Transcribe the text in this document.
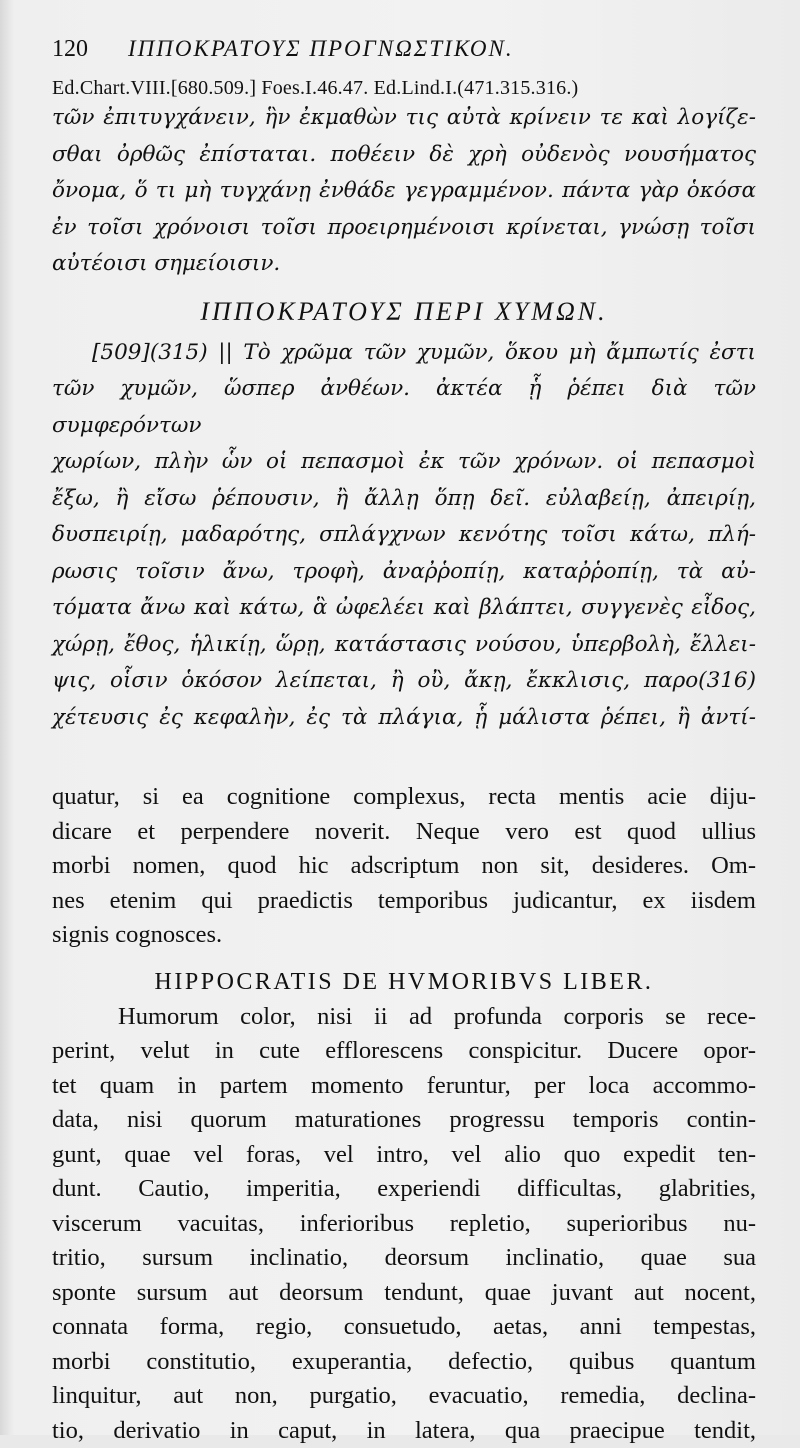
120 ΙΠΠΟΚΡΑΤΟΥΣ ΠΡΟΓΝΩΣΤΙΚΟΝ.
Ed.Chart.VIII.[680.509.] Foes.I.46.47. Ed.Lind.I.(471.315.316.)
τῶν ἐπιτυγχάνειν, ἣν ἐκμαθὼν τις αὐτὰ κρίνειν τε καὶ λογίζε-
σθαι ὀρθῶς ἐπίσταται. ποθέειν δὲ χρὴ οὐδενὸς νουσήματος
ὄνομα, ὅ τι μὴ τυγχάνῃ ἐνθάδε γεγραμμένον. πάντα γὰρ ὁκόσα
ἐν τοῖσι χρόνοισι τοῖσι προειρημένοισι κρίνεται, γνώσῃ τοῖσι
αὐτέοισι σημείοισιν.
ΙΠΠΟΚΡΑΤΟΥΣ ΠΕΡΙ ΧΥΜΩΝ.
[509](315) || Τὸ χρῶμα τῶν χυμῶν, ὅκου μὴ ἄμπωτίς ἐστι
τῶν χυμῶν, ὥσπερ ἀνθέων. ἀκτέα ᾗ ῥέπει διὰ τῶν συμφερόντων
χωρίων, πλὴν ὧν οἱ πεπασμοὶ ἐκ τῶν χρόνων. οἱ πεπασμοὶ
ἔξω, ἢ εἴσω ῥέπουσιν, ἢ ἄλλῃ ὅπῃ δεῖ. εὐλαβείῃ, ἀπειρίῃ,
δυσπειρίῃ, μαδαρότης, σπλάγχνων κενότης τοῖσι κάτω, πλή-
ρωσις τοῖσιν ἄνω, τροφὴ, ἀναῤῥοπίῃ, καταῤῥοπίῃ, τὰ αὐ-
τόματα ἄνω καὶ κάτω, ἃ ὠφελέει καὶ βλάπτει, συγγενὲς εἶδος,
χώρῃ, ἔθος, ἡλικίῃ, ὥρῃ, κατάστασις νούσου, ὑπερβολὴ, ἔλλει-
ψις, οἷσιν ὁκόσον λείπεται, ἢ οὒ, ἄκῃ, ἔκκλισις, παρο(316)
χέτευσις ἐς κεφαλὴν, ἐς τὰ πλάγια, ᾗ μάλιστα ῥέπει, ἢ ἀντί-
quatur, si ea cognitione complexus, recta mentis acie diju-
dicare et perpendere noverit. Neque vero est quod ullius
morbi nomen, quod hic adscriptum non sit, desideres. Om-
nes etenim qui praedictis temporibus judicantur, ex iisdem
signis cognosces.
HIPPOCRATIS DE HVMORIBVS LIBER.
Humorum color, nisi ii ad profunda corporis se rece-
perint, velut in cute efflorescens conspicitur. Ducere opor-
tet quam in partem momento feruntur, per loca accommo-
data, nisi quorum maturationes progressu temporis contin-
gunt, quae vel foras, vel intro, vel alio quo expedit ten-
dunt. Cautio, imperitia, experiendi difficultas, glabrities,
viscerum vacuitas, inferioribus repletio, superioribus nu-
tritio, sursum inclinatio, deorsum inclinatio, quae sua
sponte sursum aut deorsum tendunt, quae juvant aut nocent,
connata forma, regio, consuetudo, aetas, anni tempestas,
morbi constitutio, exuperantia, defectio, quibus quantum
linquitur, aut non, purgatio, evacuatio, remedia, declina-
tio, derivatio in caput, in latera, qua praecipue tendit,
